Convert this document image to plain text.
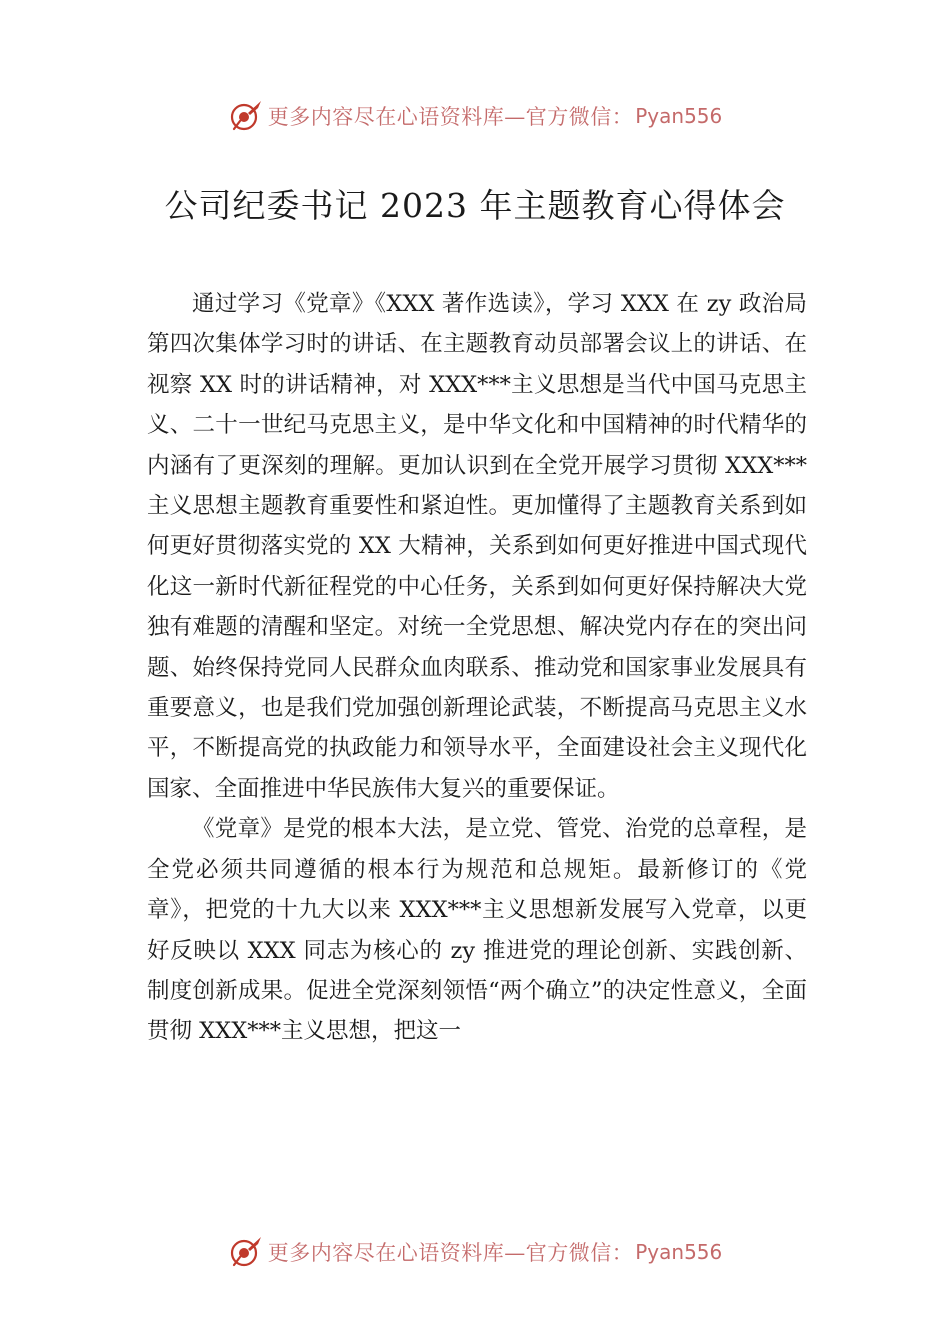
更多内容尽在心语资料库—官方微信： Pyan556
公司纪委书记 2023 年主题教育心得体会

通过学习《党章》《XXX 著作选读》，学习 XXX 在 zy 政治局第四次集体学习时的讲话、在主题教育动员部署会议上的讲话、在视察 XX 时的讲话精神，对 XXX***主义思想是当代中国马克思主义、二十一世纪马克思主义，是中华文化和中国精神的时代精华的内涵有了更深刻的理解。更加认识到在全党开展学习贯彻 XXX***主义思想主题教育重要性和紧迫性。更加懂得了主题教育关系到如何更好贯彻落实党的 XX 大精神，关系到如何更好推进中国式现代化这一新时代新征程党的中心任务，关系到如何更好保持解决大党独有难题的清醒和坚定。对统一全党思想、解决党内存在的突出问题、始终保持党同人民群众血肉联系、推动党和国家事业发展具有重要意义，也是我们党加强创新理论武装，不断提高马克思主义水平，不断提高党的执政能力和领导水平，全面建设社会主义现代化国家、全面推进中华民族伟大复兴的重要保证。

《党章》是党的根本大法，是立党、管党、治党的总章程，是全党必须共同遵循的根本行为规范和总规矩。最新修订的《党章》，把党的十九大以来 XXX***主义思想新发展写入党章，以更好反映以 XXX 同志为核心的 zy 推进党的理论创新、实践创新、制度创新成果。促进全党深刻领悟“两个确立”的决定性意义，全面贯彻 XXX***主义思想，把这一

更多内容尽在心语资料库—官方微信： Pyan556
